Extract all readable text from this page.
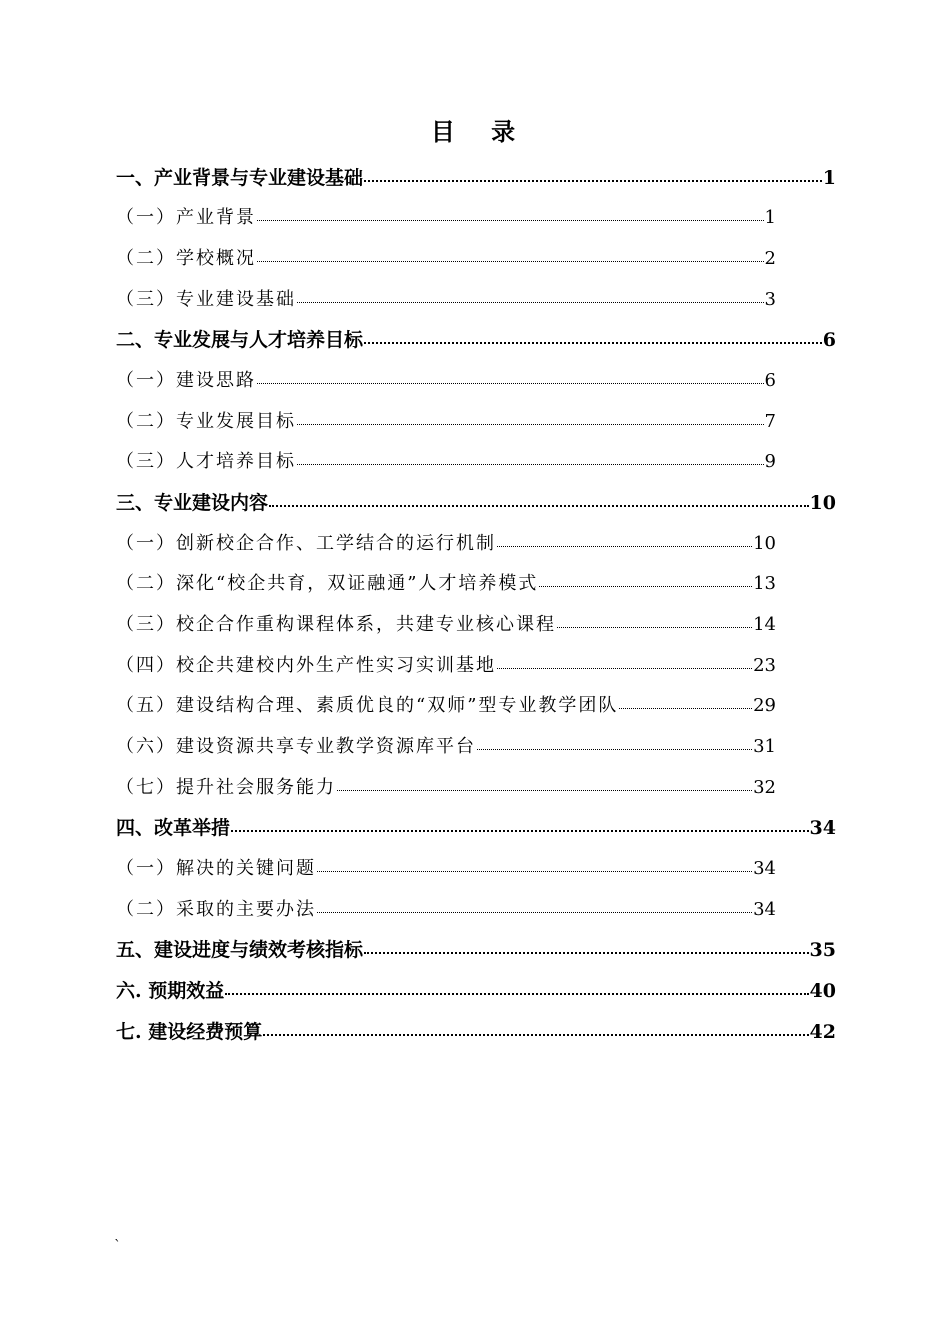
目 录
一、产业背景与专业建设基础	1
（一）产业背景	1
（二）学校概况	2
（三）专业建设基础	3
二、专业发展与人才培养目标	6
（一）建设思路	6
（二）专业发展目标	7
（三）人才培养目标	9
三、专业建设内容	10
（一）创新校企合作、工学结合的运行机制	10
（二）深化“校企共育，双证融通”人才培养模式	13
（三）校企合作重构课程体系，共建专业核心课程	14
（四）校企共建校内外生产性实习实训基地	23
（五）建设结构合理、素质优良的“双师”型专业教学团队	29
（六）建设资源共享专业教学资源库平台	31
（七）提升社会服务能力	32
四、改革举措	34
（一）解决的关键问题	34
（二）采取的主要办法	34
五、建设进度与绩效考核指标	35
六. 预期效益	40
七. 建设经费预算	42
`
